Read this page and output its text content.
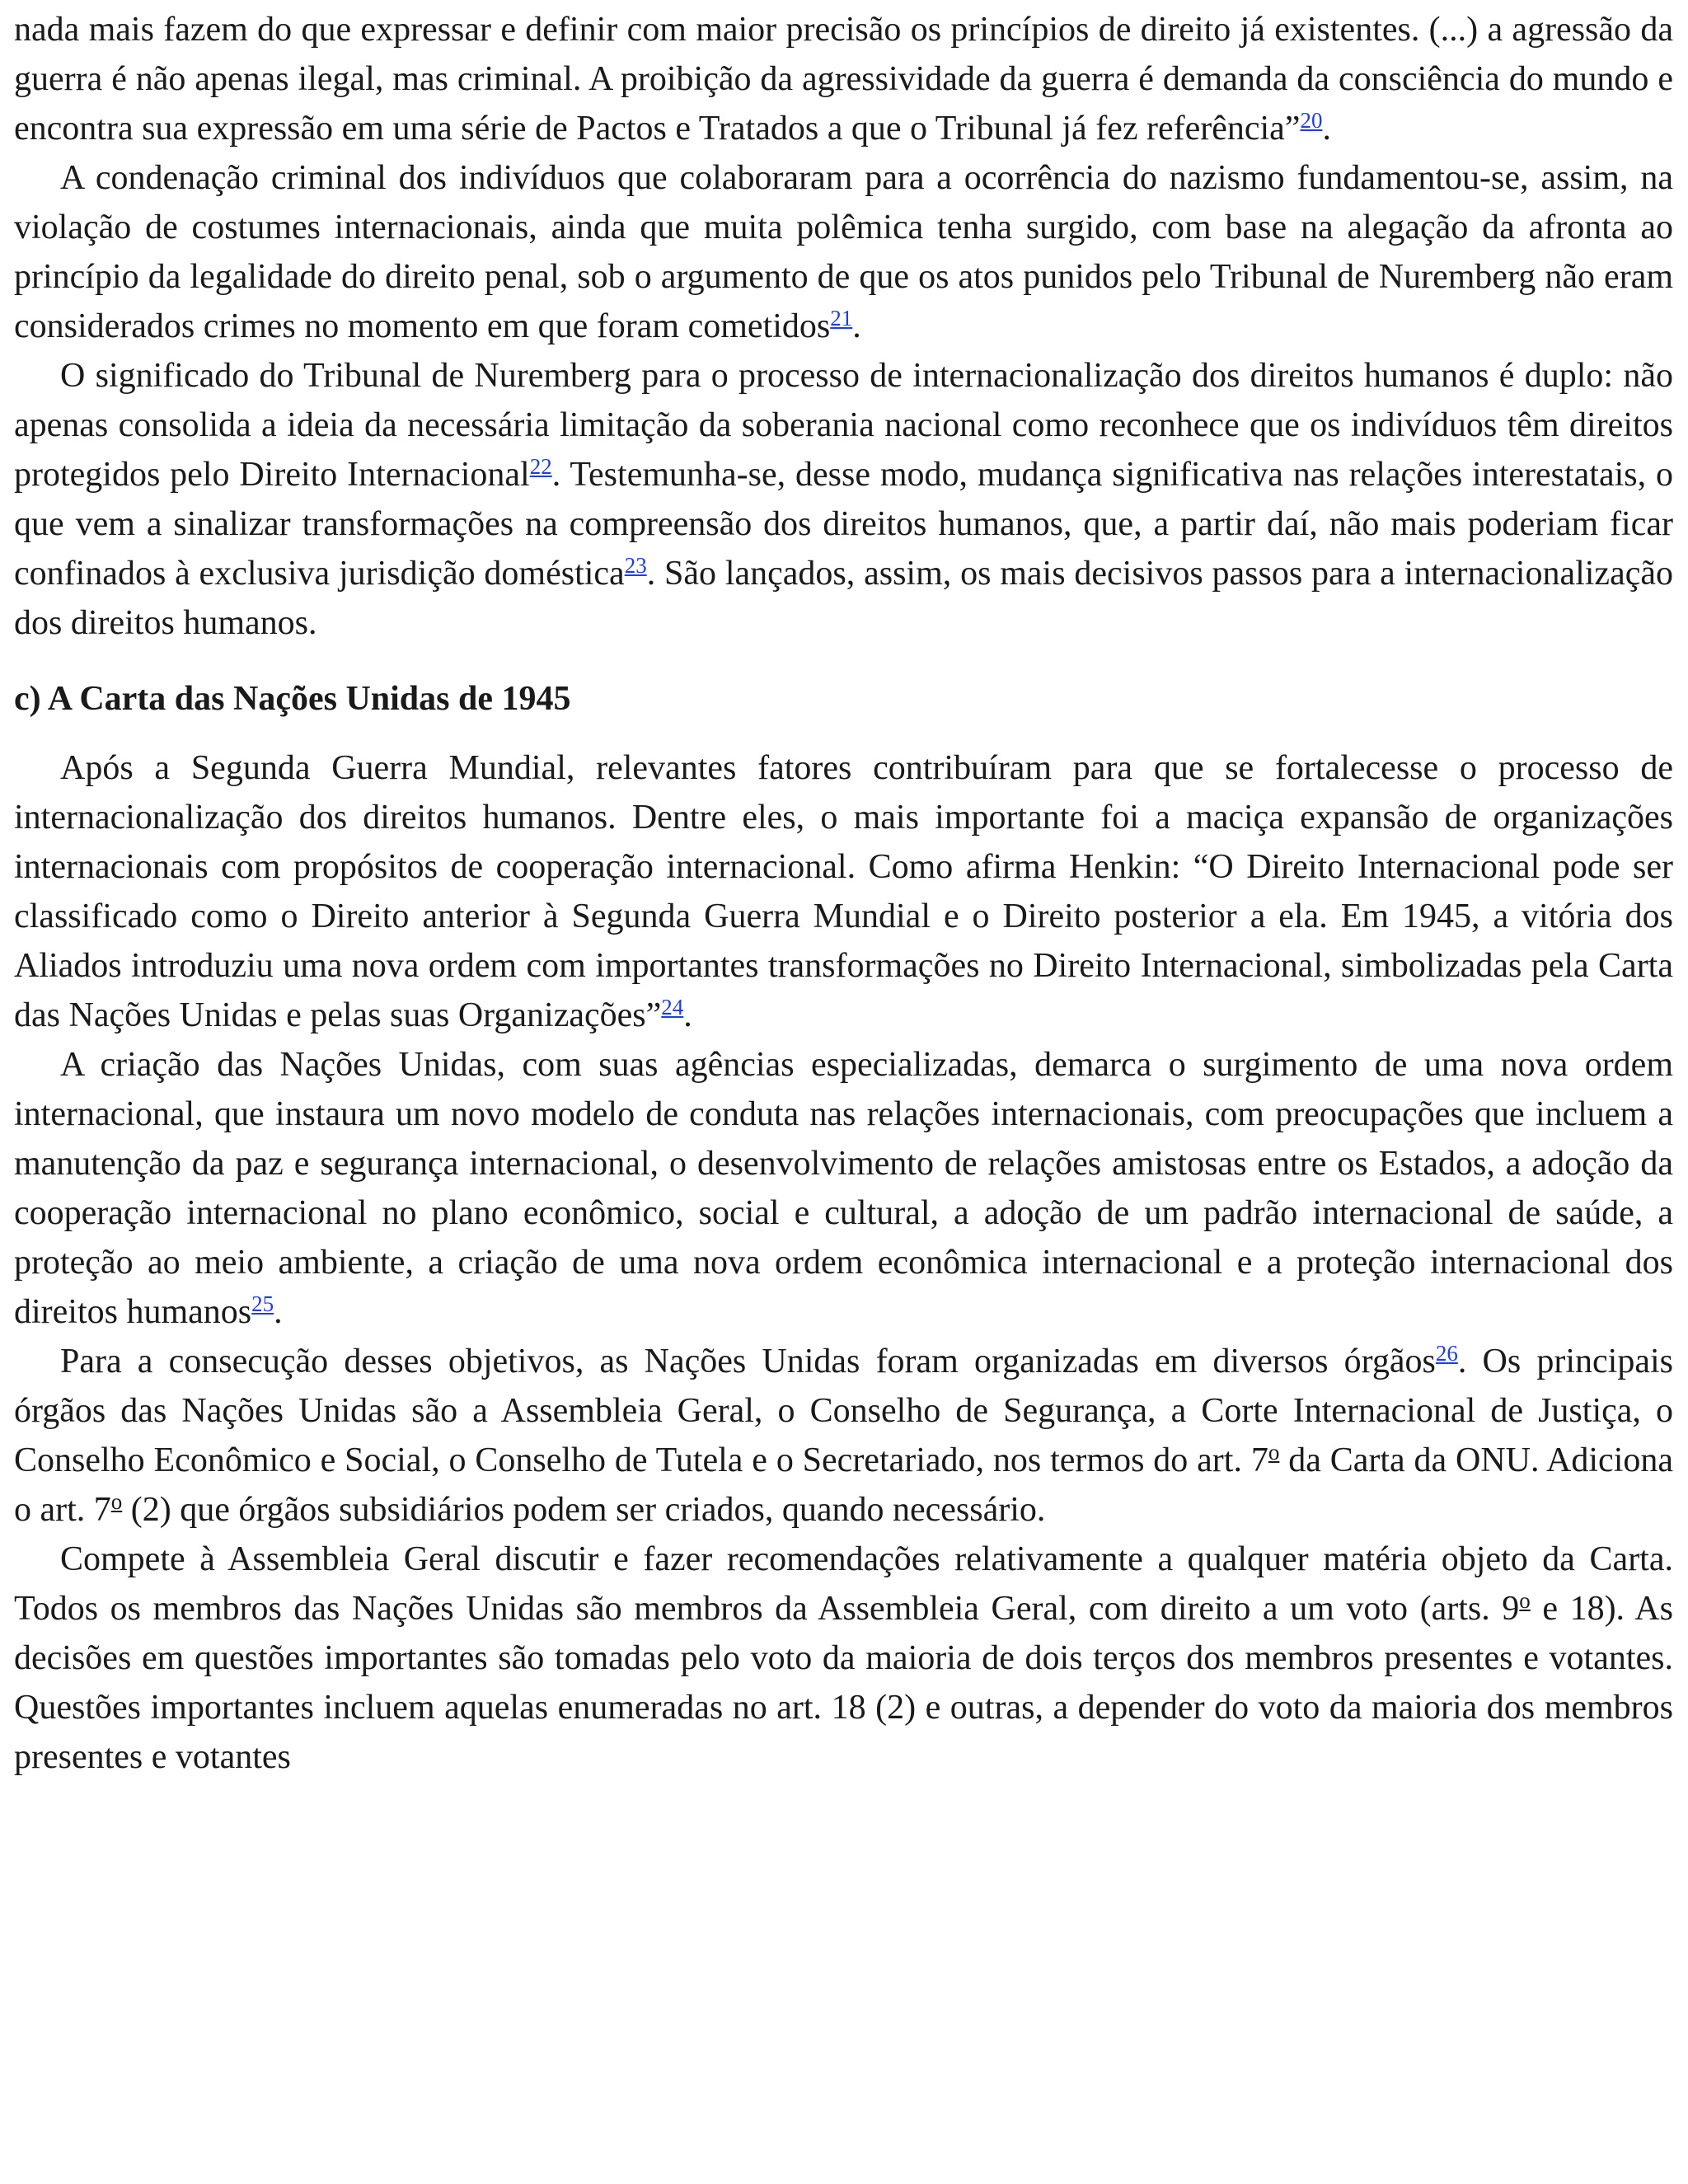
nada mais fazem do que expressar e definir com maior precisão os princípios de direito já existentes. (...) a agressão da guerra é não apenas ilegal, mas criminal. A proibição da agressividade da guerra é demanda da consciência do mundo e encontra sua expressão em uma série de Pactos e Tratados a que o Tribunal já fez referência”$^{20}$.

A condenação criminal dos indivíduos que colaboraram para a ocorrência do nazismo fundamentou-se, assim, na violação de costumes internacionais, ainda que muita polêmica tenha surgido, com base na alegação da afronta ao princípio da legalidade do direito penal, sob o argumento de que os atos punidos pelo Tribunal de Nuremberg não eram considerados crimes no momento em que foram cometidos$^{21}$.

O significado do Tribunal de Nuremberg para o processo de internacionalização dos direitos humanos é duplo: não apenas consolida a ideia da necessária limitação da soberania nacional como reconhece que os indivíduos têm direitos protegidos pelo Direito Internacional$^{22}$. Testemunha-se, desse modo, mudança significativa nas relações interestatais, o que vem a sinalizar transformações na compreensão dos direitos humanos, que, a partir daí, não mais poderiam ficar confinados à exclusiva jurisdição doméstica$^{23}$. São lançados, assim, os mais decisivos passos para a internacionalização dos direitos humanos.

c) A Carta das Nações Unidas de 1945

Após a Segunda Guerra Mundial, relevantes fatores contribuíram para que se fortalecesse o processo de internacionalização dos direitos humanos. Dentre eles, o mais importante foi a maciça expansão de organizações internacionais com propósitos de cooperação internacional. Como afirma Henkin: “O Direito Internacional pode ser classificado como o Direito anterior à Segunda Guerra Mundial e o Direito posterior a ela. Em 1945, a vitória dos Aliados introduziu uma nova ordem com importantes transformações no Direito Internacional, simbolizadas pela Carta das Nações Unidas e pelas suas Organizações”$^{24}$.

A criação das Nações Unidas, com suas agências especializadas, demarca o surgimento de uma nova ordem internacional, que instaura um novo modelo de conduta nas relações internacionais, com preocupações que incluem a manutenção da paz e segurança internacional, o desenvolvimento de relações amistosas entre os Estados, a adoção da cooperação internacional no plano econômico, social e cultural, a adoção de um padrão internacional de saúde, a proteção ao meio ambiente, a criação de uma nova ordem econômica internacional e a proteção internacional dos direitos humanos$^{25}$.

Para a consecução desses objetivos, as Nações Unidas foram organizadas em diversos órgãos$^{26}$. Os principais órgãos das Nações Unidas são a Assembleia Geral, o Conselho de Segurança, a Corte Internacional de Justiça, o Conselho Econômico e Social, o Conselho de Tutela e o Secretariado, nos termos do art. 7$^o$ da Carta da ONU. Adiciona o art. 7$^o$ (2) que órgãos subsidiários podem ser criados, quando necessário.

Compete à Assembleia Geral discutir e fazer recomendações relativamente a qualquer matéria objeto da Carta. Todos os membros das Nações Unidas são membros da Assembleia Geral, com direito a um voto (arts. 9$^o$ e 18). As decisões em questões importantes são tomadas pelo voto da maioria de dois terços dos membros presentes e votantes. Questões importantes incluem aquelas enumeradas no art. 18 (2) e outras, a depender do voto da maioria dos membros presentes e votantes
